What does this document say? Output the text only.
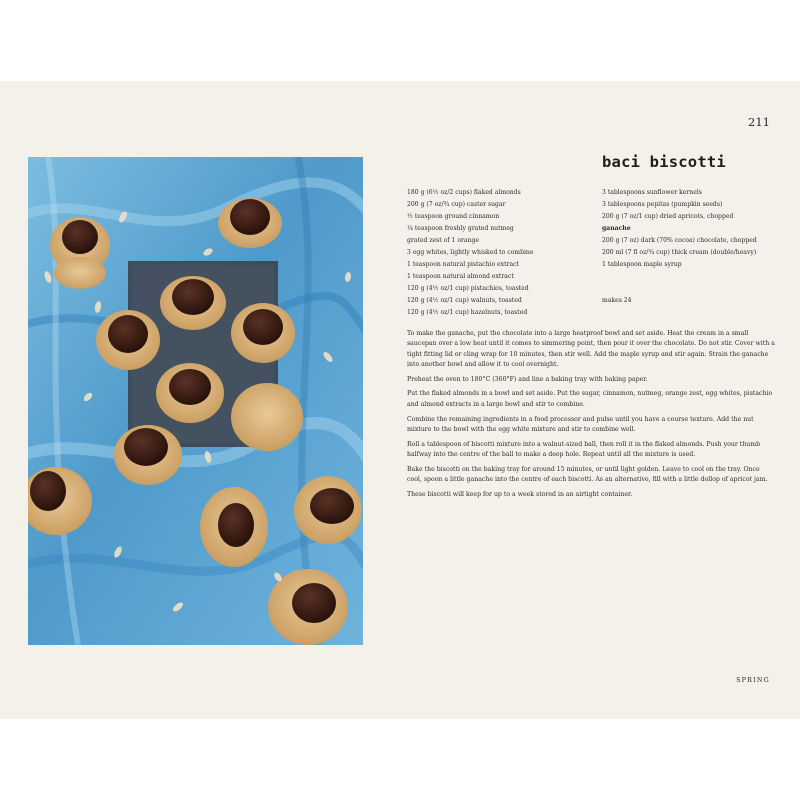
211
baci biscotti
180 g (6½ oz/2 cups) flaked almonds
200 g (7 oz/¾ cup) caster sugar
½ teaspoon ground cinnamon
¼ teaspoon freshly grated nutmeg
grated zest of 1 orange
3 egg whites, lightly whisked to combine
1 teaspoon natural pistachio extract
1 teaspoon natural almond extract
120 g (4½ oz/1 cup) pistachios, toasted
120 g (4½ oz/1 cup) walnuts, toasted
120 g (4½ oz/1 cup) hazelnuts, toasted
3 tablespoons sunflower kernels
3 tablespoons pepitas (pumpkin seeds)
200 g (7 oz/1 cup) dried apricots, chopped
ganache
200 g (7 oz) dark (70% cocoa) chocolate, chopped
200 ml (7 fl oz/¾ cup) thick cream (double/heavy)
1 tablespoon maple syrup
makes 24

To make the ganache, put the chocolate into a large heatproof bowl and set aside. Heat the cream in a small saucepan over a low heat until it comes to simmering point, then pour it over the chocolate. Do not stir. Cover with a tight fitting lid or cling wrap for 10 minutes, then stir well. Add the maple syrup and stir again. Strain the ganache into another bowl and allow it to cool overnight.

Preheat the oven to 180°C (360°F) and line a baking tray with baking paper.

Put the flaked almonds in a bowl and set aside. Put the sugar, cinnamon, nutmeg, orange zest, egg whites, pistachio and almond extracts in a large bowl and stir to combine.

Combine the remaining ingredients in a food processor and pulse until you have a course texture. Add the nut mixture to the bowl with the egg white mixture and stir to combine well.

Roll a tablespoon of biscotti mixture into a walnut-sized ball, then roll it in the flaked almonds. Push your thumb halfway into the centre of the ball to make a deep hole. Repeat until all the mixture is used.

Bake the biscotti on the baking tray for around 15 minutes, or until light golden. Leave to cool on the tray. Once cool, spoon a little ganache into the centre of each biscotti. As an alternative, fill with a little dollop of apricot jam.

These biscotti will keep for up to a week stored in an airtight container.

SPRING
